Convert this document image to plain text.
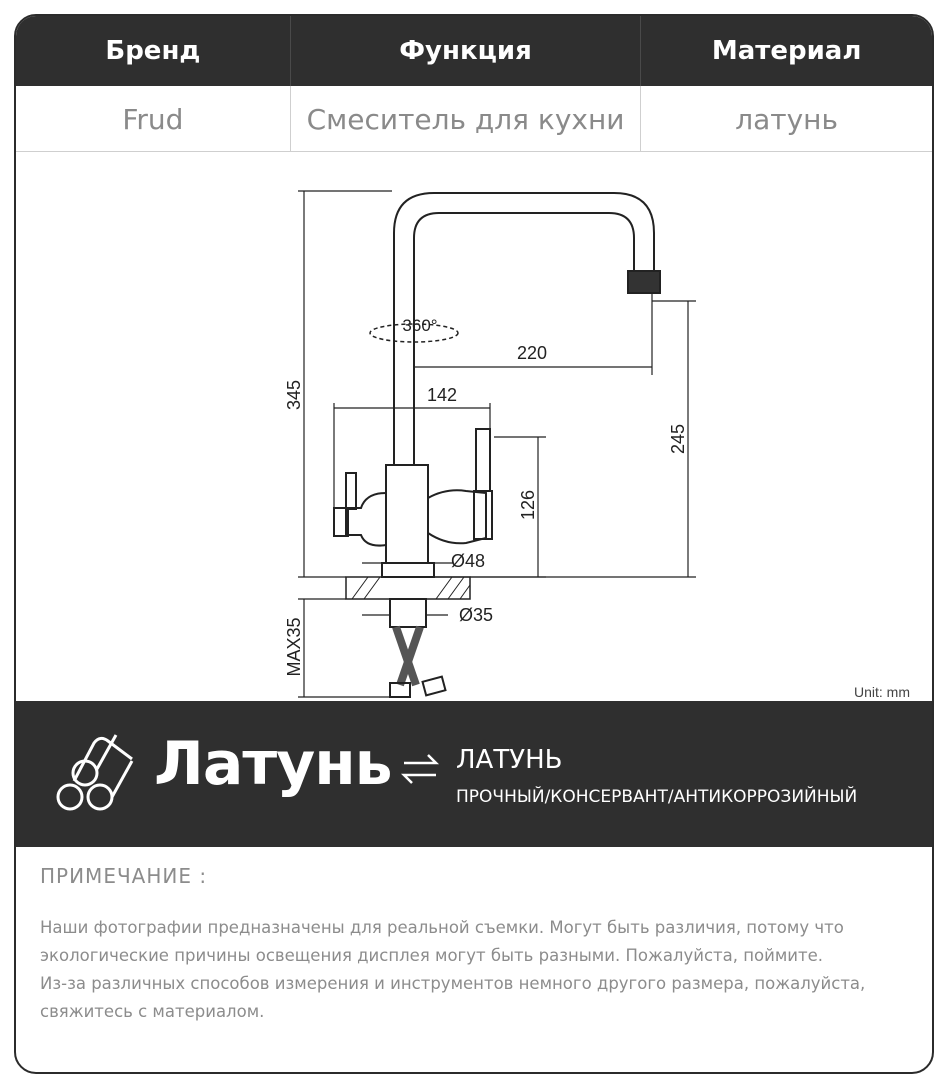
Бренд	Функция	Материал
Frud	Смеситель для кухни	латунь
345
360°
220
142
245
126
Ø48
Ø35
MAX35
Unit: mm
Латунь ЛАТУНЬ
ПРОЧНЫЙ/КОНСЕРВАНТ/АНТИКОРРОЗИЙНЫЙ
ПРИМЕЧАНИЕ :

Наши фотографии предназначены для реальной съемки. Могут быть различия, потому что экологические причины освещения дисплея могут быть разными. Пожалуйста, поймите.

Из-за различных способов измерения и инструментов немного другого размера, пожалуйста, свяжитесь с материалом.
